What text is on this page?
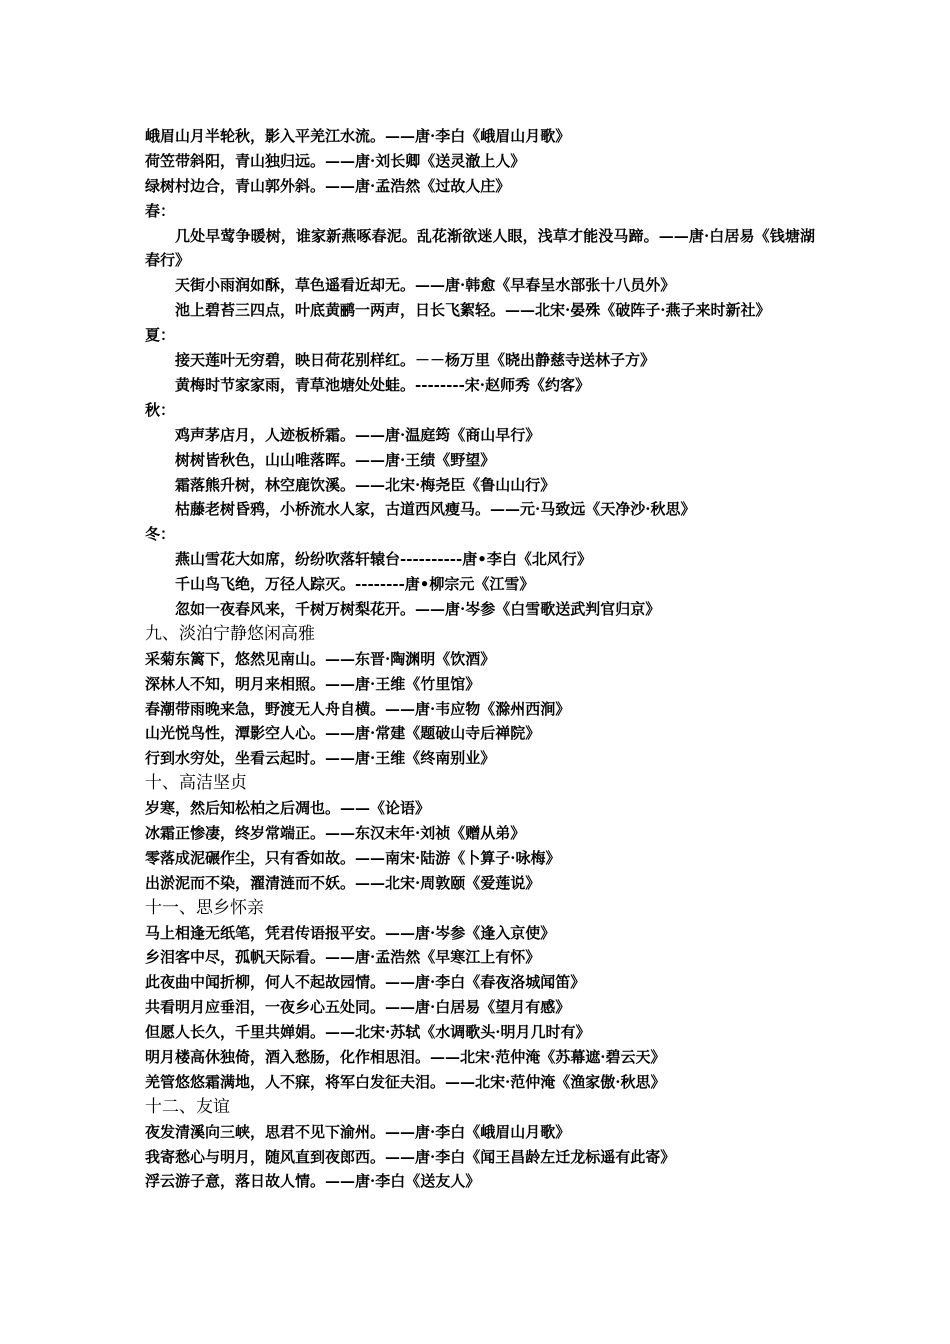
峨眉山月半轮秋，影入平羌江水流。——唐·李白《峨眉山月歌》
荷笠带斜阳，青山独归远。——唐·刘长卿《送灵澈上人》
绿树村边合，青山郭外斜。——唐·孟浩然《过故人庄》
春：
几处早莺争暖树，谁家新燕啄春泥。乱花渐欲迷人眼，浅草才能没马蹄。——唐·白居易《钱塘湖春行》
天街小雨润如酥，草色遥看近却无。——唐·韩愈《早春呈水部张十八员外》
池上碧苔三四点，叶底黄鹂一两声，日长飞絮轻。——北宋·晏殊《破阵子·燕子来时新社》
夏：
接天莲叶无穷碧，映日荷花别样红。－－杨万里《晓出静慈寺送林子方》
黄梅时节家家雨，青草池塘处处蛙。--------宋·赵师秀《约客》
秋：
鸡声茅店月，人迹板桥霜。——唐·温庭筠《商山早行》
树树皆秋色，山山唯落晖。——唐·王绩《野望》
霜落熊升树，林空鹿饮溪。——北宋·梅尧臣《鲁山山行》
枯藤老树昏鸦，小桥流水人家，古道西风瘦马。——元·马致远《天净沙·秋思》
冬：
燕山雪花大如席，纷纷吹落轩辕台----------唐•李白《北风行》
千山鸟飞绝，万径人踪灭。--------唐•柳宗元《江雪》
忽如一夜春风来，千树万树梨花开。——唐·岑参《白雪歌送武判官归京》
九、淡泊宁静悠闲高雅
采菊东篱下，悠然见南山。——东晋·陶渊明《饮酒》
深林人不知，明月来相照。——唐·王维《竹里馆》
春潮带雨晚来急，野渡无人舟自横。——唐·韦应物《滁州西涧》
山光悦鸟性，潭影空人心。——唐·常建《题破山寺后禅院》
行到水穷处，坐看云起时。——唐·王维《终南别业》
十、高洁坚贞
岁寒，然后知松柏之后凋也。——《论语》
冰霜正惨凄，终岁常端正。——东汉末年·刘祯《赠从弟》
零落成泥碾作尘，只有香如故。——南宋·陆游《卜算子·咏梅》
出淤泥而不染，濯清涟而不妖。——北宋·周敦颐《爱莲说》
十一、思乡怀亲
马上相逢无纸笔，凭君传语报平安。——唐·岑参《逢入京使》
乡泪客中尽，孤帆天际看。——唐·孟浩然《早寒江上有怀》
此夜曲中闻折柳，何人不起故园情。——唐·李白《春夜洛城闻笛》
共看明月应垂泪，一夜乡心五处同。——唐·白居易《望月有感》
但愿人长久，千里共婵娟。——北宋·苏轼《水调歌头·明月几时有》
明月楼高休独倚，酒入愁肠，化作相思泪。——北宋·范仲淹《苏幕遮·碧云天》
羌管悠悠霜满地，人不寐，将军白发征夫泪。——北宋·范仲淹《渔家傲·秋思》
十二、友谊
夜发清溪向三峡，思君不见下渝州。——唐·李白《峨眉山月歌》
我寄愁心与明月，随风直到夜郎西。——唐·李白《闻王昌龄左迁龙标遥有此寄》
浮云游子意，落日故人情。——唐·李白《送友人》
